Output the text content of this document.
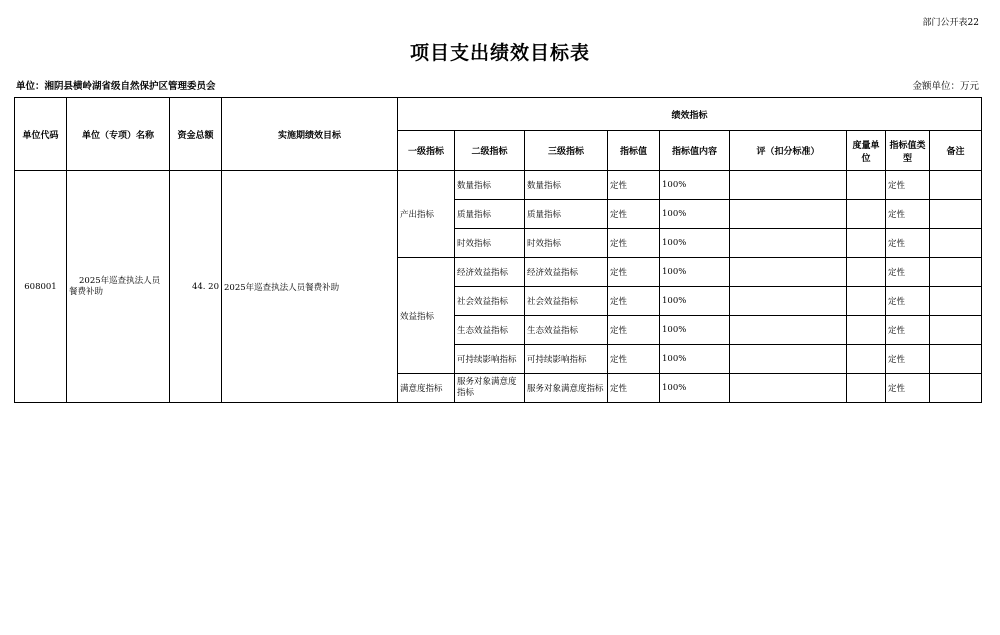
部门公开表22
项目支出绩效目标表
单位：湘阴县横岭湖省级自然保护区管理委员会	金额单位：万元
单位代码	单位（专项）名称	资金总额	实施期绩效目标	绩效指标								
				一级指标	二级指标	三级指标	指标值	指标值内容	评（扣分标准）	度量单位	指标值类型	备注
608001	2025年巡查执法人员餐费补助	44. 20	2025年巡查执法人员餐费补助	产出指标	数量指标	数量指标	定性	100%			定性	
					质量指标	质量指标	定性	100%			定性	
					时效指标	时效指标	定性	100%			定性	
				效益指标	经济效益指标	经济效益指标	定性	100%			定性	
					社会效益指标	社会效益指标	定性	100%			定性	
					生态效益指标	生态效益指标	定性	100%			定性	
					可持续影响指标	可持续影响指标	定性	100%			定性	
				满意度指标	服务对象满意度指标	服务对象满意度指标	定性	100%			定性	
